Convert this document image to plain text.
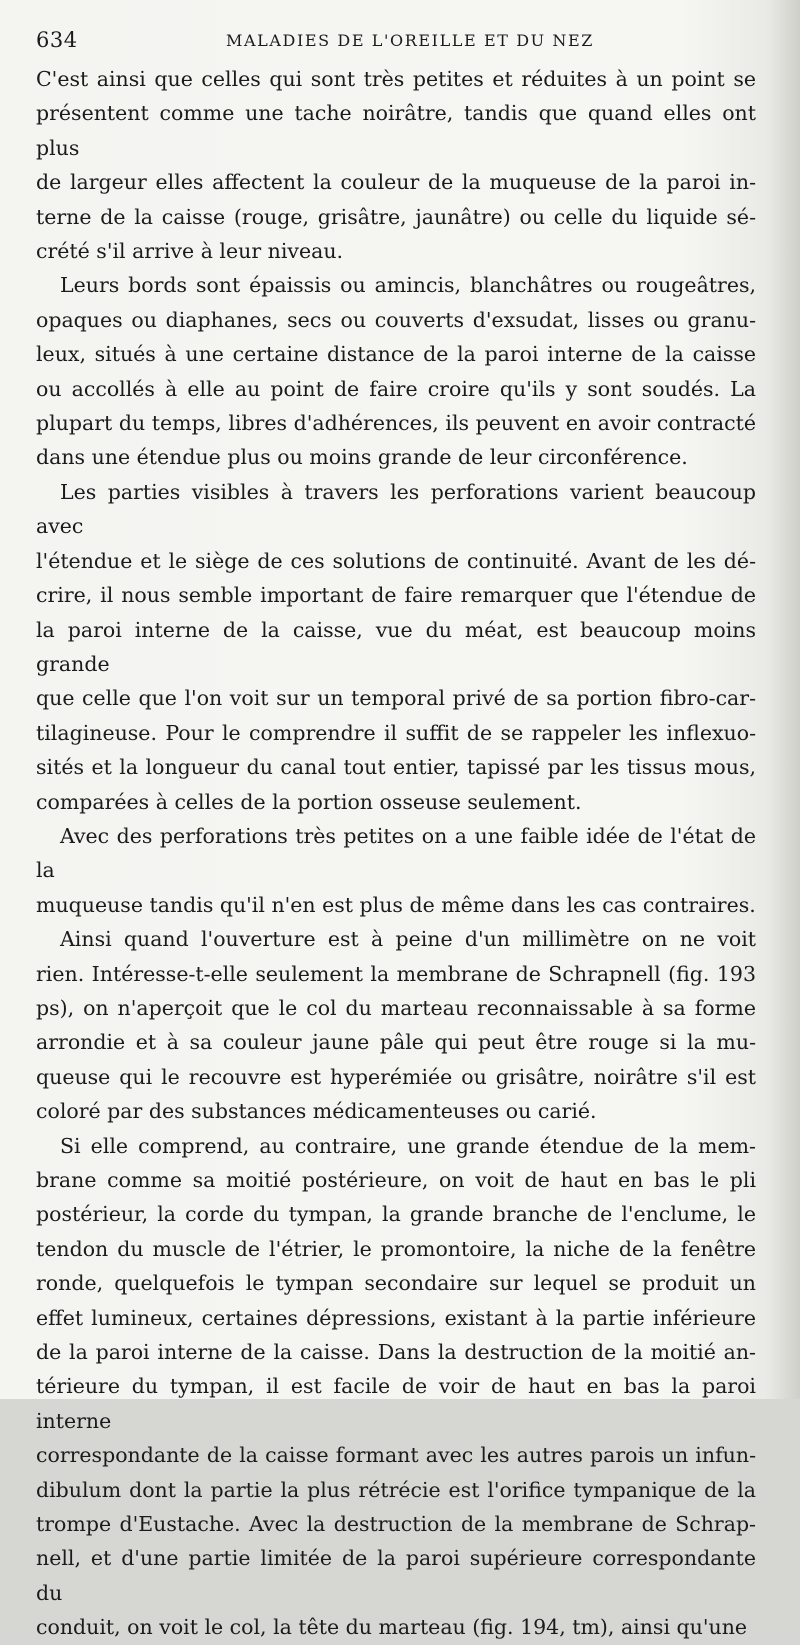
634	MALADIES DE L'OREILLE ET DU NEZ

C'est ainsi que celles qui sont très petites et réduites à un point se
présentent comme une tache noirâtre, tandis que quand elles ont plus
de largeur elles affectent la couleur de la muqueuse de la paroi in-
terne de la caisse (rouge, grisâtre, jaunâtre) ou celle du liquide sé-
crété s'il arrive à leur niveau.

Leurs bords sont épaissis ou amincis, blanchâtres ou rougeâtres,
opaques ou diaphanes, secs ou couverts d'exsudat, lisses ou granu-
leux, situés à une certaine distance de la paroi interne de la caisse
ou accollés à elle au point de faire croire qu'ils y sont soudés. La
plupart du temps, libres d'adhérences, ils peuvent en avoir contracté
dans une étendue plus ou moins grande de leur circonférence.

Les parties visibles à travers les perforations varient beaucoup avec
l'étendue et le siège de ces solutions de continuité. Avant de les dé-
crire, il nous semble important de faire remarquer que l'étendue de
la paroi interne de la caisse, vue du méat, est beaucoup moins grande
que celle que l'on voit sur un temporal privé de sa portion fibro-car-
tilagineuse. Pour le comprendre il suffit de se rappeler les inflexuo-
sités et la longueur du canal tout entier, tapissé par les tissus mous,
comparées à celles de la portion osseuse seulement.

Avec des perforations très petites on a une faible idée de l'état de la
muqueuse tandis qu'il n'en est plus de même dans les cas contraires.

Ainsi quand l'ouverture est à peine d'un millimètre on ne voit
rien. Intéresse-t-elle seulement la membrane de Schrapnell (fig. 193
ps), on n'aperçoit que le col du marteau reconnaissable à sa forme
arrondie et à sa couleur jaune pâle qui peut être rouge si la mu-
queuse qui le recouvre est hyperémiée ou grisâtre, noirâtre s'il est
coloré par des substances médicamenteuses ou carié.

Si elle comprend, au contraire, une grande étendue de la mem-
brane comme sa moitié postérieure, on voit de haut en bas le pli
postérieur, la corde du tympan, la grande branche de l'enclume, le
tendon du muscle de l'étrier, le promontoire, la niche de la fenêtre
ronde, quelquefois le tympan secondaire sur lequel se produit un
effet lumineux, certaines dépressions, existant à la partie inférieure
de la paroi interne de la caisse. Dans la destruction de la moitié an-
térieure du tympan, il est facile de voir de haut en bas la paroi interne
correspondante de la caisse formant avec les autres parois un infun-
dibulum dont la partie la plus rétrécie est l'orifice tympanique de la
trompe d'Eustache. Avec la destruction de la membrane de Schrap-
nell, et d'une partie limitée de la paroi supérieure correspondante du
conduit, on voit le col, la tête du marteau (fig. 194, tm), ainsi qu'une
